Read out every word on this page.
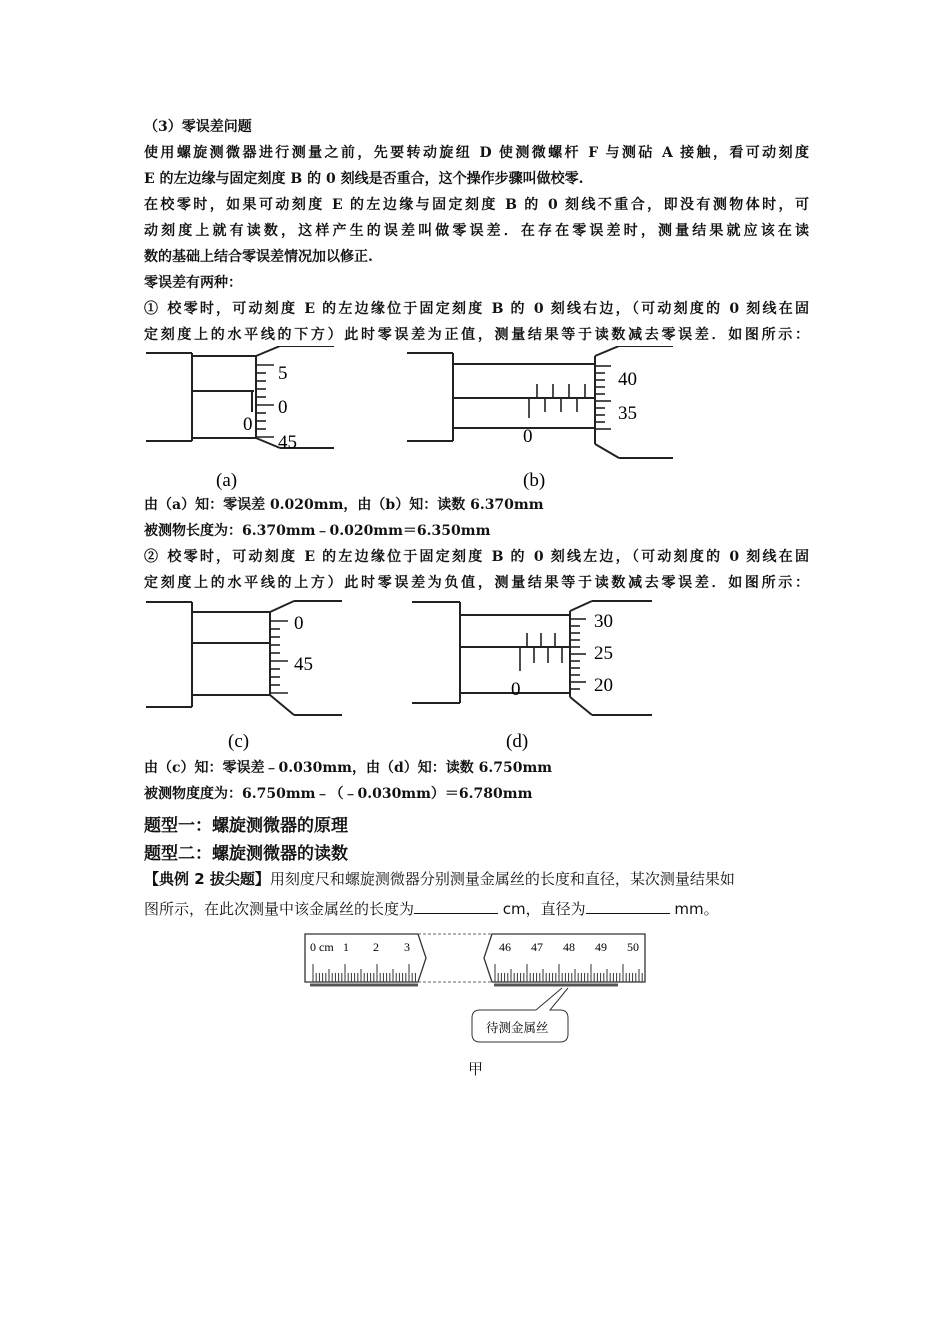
（3）零误差问题
使用螺旋测微器进行测量之前，先要转动旋纽 D 使测微螺杆 F 与测砧 A 接触，看可动刻度
E 的左边缘与固定刻度 B 的 0 刻线是否重合，这个操作步骤叫做校零.
在校零时，如果可动刻度 E 的左边缘与固定刻度 B 的 0 刻线不重合，即没有测物体时，可
动刻度上就有读数，这样产生的误差叫做零误差．在存在零误差时，测量结果就应该在读
数的基础上结合零误差情况加以修正.
零误差有两种：
① 校零时，可动刻度 E 的左边缘位于固定刻度 B 的 0 刻线右边，（可动刻度的 0 刻线在固
定刻度上的水平线的下方）此时零误差为正值，测量结果等于读数减去零误差．如图所示：
5
0
0
45
(a)
40
35
0
(b)
由（a）知：零误差 0.020mm，由（b）知：读数 6.370mm
被测物长度为：6.370mm﹣0.020mm＝6.350mm
② 校零时，可动刻度 E 的左边缘位于固定刻度 B 的 0 刻线左边，（可动刻度的 0 刻线在固
定刻度上的水平线的上方）此时零误差为负值，测量结果等于读数减去零误差．如图所示：
0
45
(c)
30
25
20
0
(d)
由（c）知：零误差﹣0.030mm，由（d）知：读数 6.750mm
被测物度度为：6.750mm﹣（﹣0.030mm）＝6.780mm
题型一：螺旋测微器的原理
题型二：螺旋测微器的读数
【典例 2 拔尖题】用刻度尺和螺旋测微器分别测量金属丝的长度和直径，某次测量结果如
图所示，在此次测量中该金属丝的长度为	cm，直径为	mm。
0 cm 1 2 3	46 47 48 49 50
待测金属丝
甲
